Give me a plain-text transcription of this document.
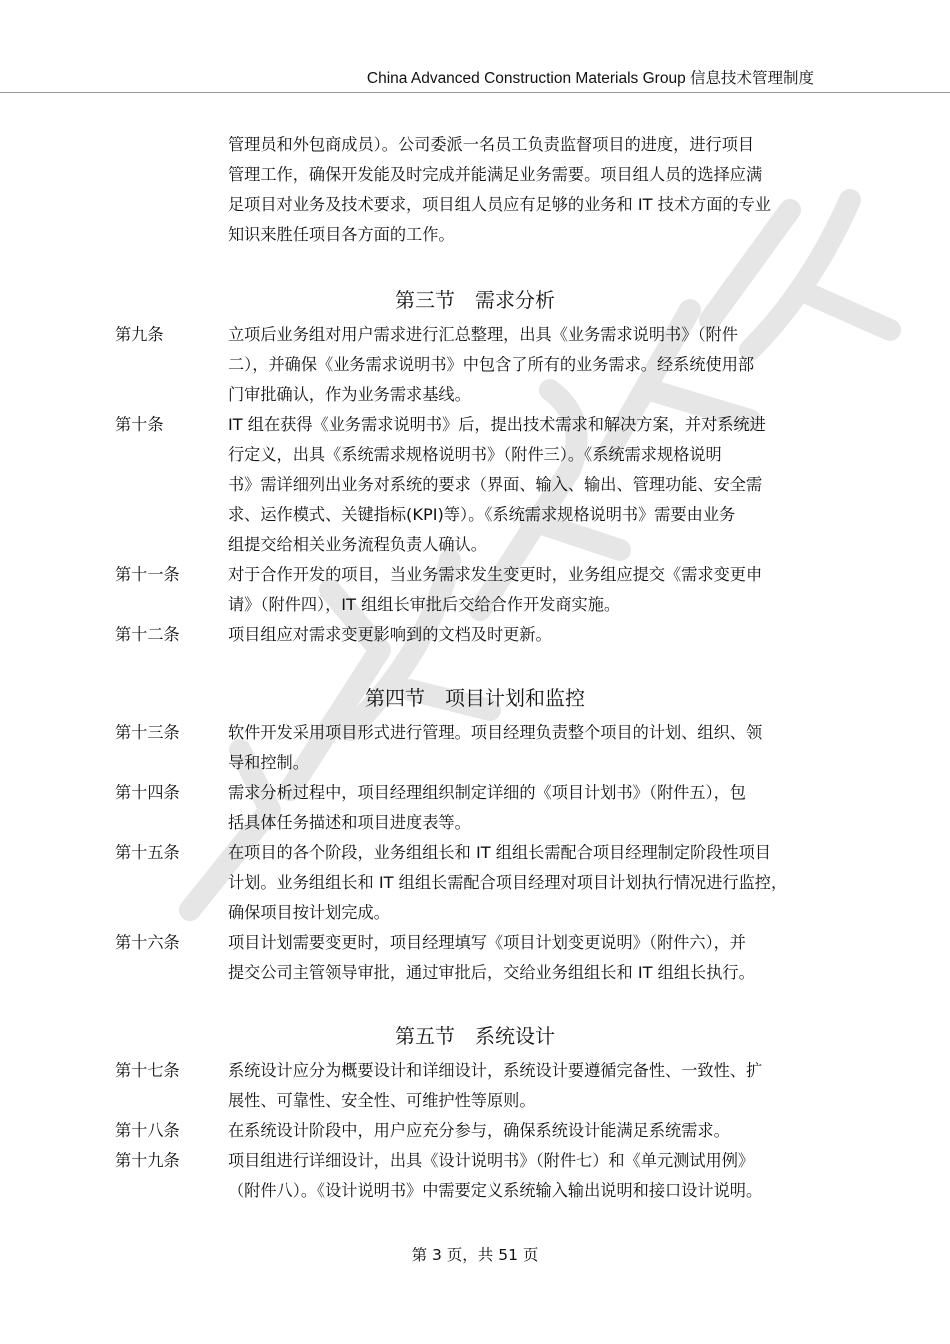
China Advanced Construction Materials Group 信息技术管理制度
管理员和外包商成员）。公司委派一名员工负责监督项目的进度，进行项目
管理工作，确保开发能及时完成并能满足业务需要。项目组人员的选择应满
足项目对业务及技术要求，项目组人员应有足够的业务和 IT 技术方面的专业
知识来胜任项目各方面的工作。
第三节　需求分析
第九条	立项后业务组对用户需求进行汇总整理，出具《业务需求说明书》（附件
二），并确保《业务需求说明书》中包含了所有的业务需求。经系统使用部
门审批确认，作为业务需求基线。
第十条	IT 组在获得《业务需求说明书》后，提出技术需求和解决方案，并对系统进
行定义，出具《系统需求规格说明书》（附件三）。《系统需求规格说明
书》需详细列出业务对系统的要求（界面、输入、输出、管理功能、安全需
求、运作模式、关键指标(KPI)等）。《系统需求规格说明书》需要由业务
组提交给相关业务流程负责人确认。
第十一条	对于合作开发的项目，当业务需求发生变更时，业务组应提交《需求变更申
请》（附件四），IT 组组长审批后交给合作开发商实施。
第十二条	项目组应对需求变更影响到的文档及时更新。
第四节　项目计划和监控
第十三条	软件开发采用项目形式进行管理。项目经理负责整个项目的计划、组织、领
导和控制。
第十四条	需求分析过程中，项目经理组织制定详细的《项目计划书》（附件五），包
括具体任务描述和项目进度表等。
第十五条	在项目的各个阶段，业务组组长和 IT 组组长需配合项目经理制定阶段性项目
计划。业务组组长和 IT 组组长需配合项目经理对项目计划执行情况进行监控，
确保项目按计划完成。
第十六条	项目计划需要变更时，项目经理填写《项目计划变更说明》（附件六），并
提交公司主管领导审批，通过审批后，交给业务组组长和 IT 组组长执行。
第五节　系统设计
第十七条	系统设计应分为概要设计和详细设计，系统设计要遵循完备性、一致性、扩
展性、可靠性、安全性、可维护性等原则。
第十八条	在系统设计阶段中，用户应充分参与，确保系统设计能满足系统需求。
第十九条	项目组进行详细设计，出具《设计说明书》（附件七）和《单元测试用例》
（附件八）。《设计说明书》中需要定义系统输入输出说明和接口设计说明。
第 3 页，共 51 页
